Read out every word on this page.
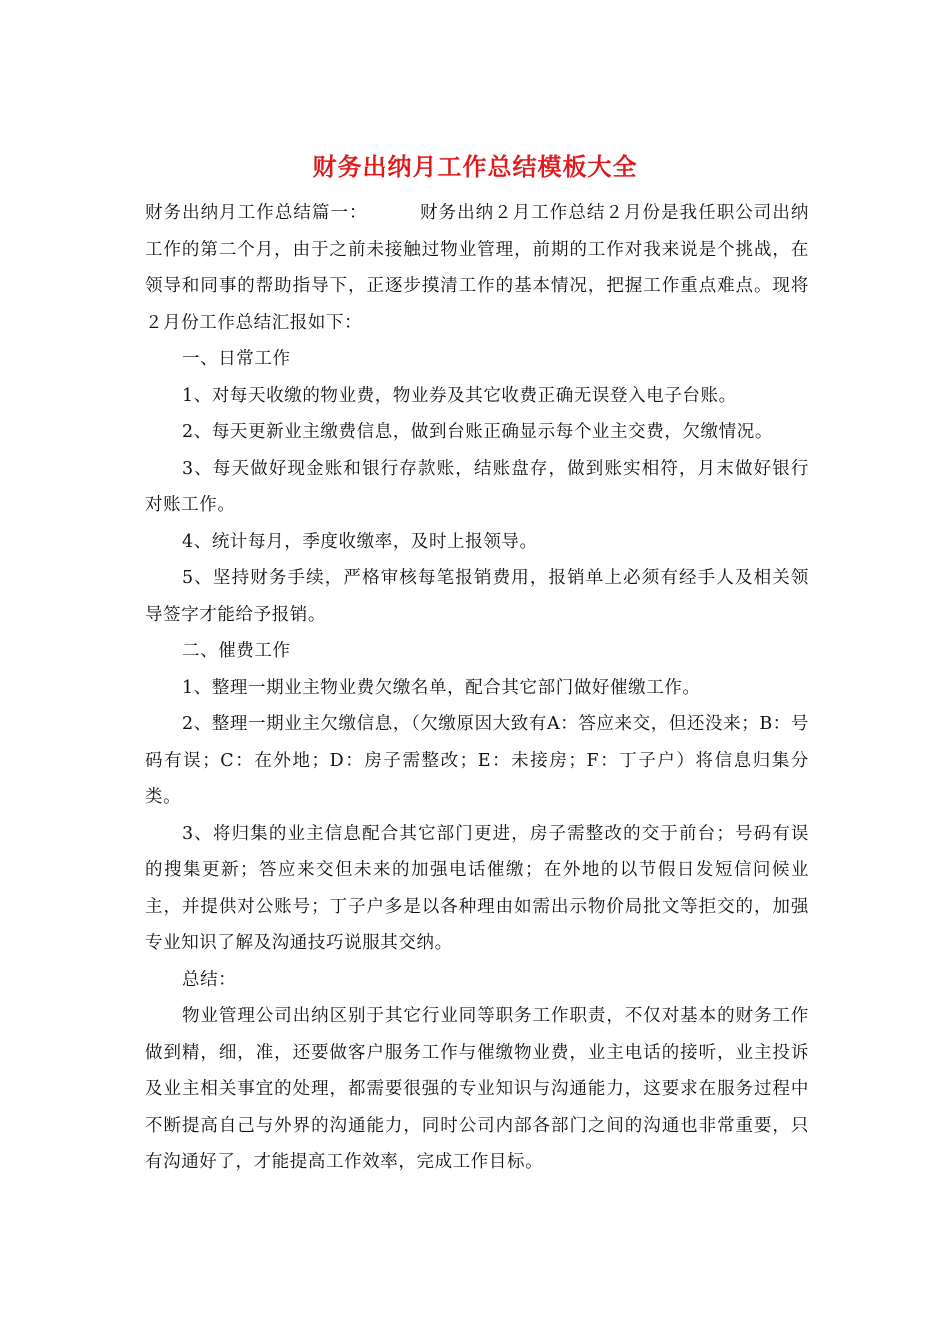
财务出纳月工作总结模板大全

财务出纳月工作总结篇一：	财务出纳２月工作总结２月份是我任职公司出纳工作的第二个月，由于之前未接触过物业管理，前期的工作对我来说是个挑战，在领导和同事的帮助指导下，正逐步摸清工作的基本情况，把握工作重点难点。现将２月份工作总结汇报如下：

一、日常工作

1、对每天收缴的物业费，物业券及其它收费正确无误登入电子台账。

2、每天更新业主缴费信息，做到台账正确显示每个业主交费，欠缴情况。

3、每天做好现金账和银行存款账，结账盘存，做到账实相符，月末做好银行对账工作。

4、统计每月，季度收缴率，及时上报领导。

5、坚持财务手续，严格审核每笔报销费用，报销单上必须有经手人及相关领导签字才能给予报销。

二、催费工作

1、整理一期业主物业费欠缴名单，配合其它部门做好催缴工作。

2、整理一期业主欠缴信息，（欠缴原因大致有A：答应来交，但还没来；B：号码有误；C：在外地；D：房子需整改；E：未接房；F：丁子户）将信息归集分类。

3、将归集的业主信息配合其它部门更进，房子需整改的交于前台；号码有误的搜集更新；答应来交但未来的加强电话催缴；在外地的以节假日发短信问候业主，并提供对公账号；丁子户多是以各种理由如需出示物价局批文等拒交的，加强专业知识了解及沟通技巧说服其交纳。

总结：

物业管理公司出纳区别于其它行业同等职务工作职责，不仅对基本的财务工作做到精，细，准，还要做客户服务工作与催缴物业费，业主电话的接听，业主投诉及业主相关事宜的处理，都需要很强的专业知识与沟通能力，这要求在服务过程中不断提高自己与外界的沟通能力，同时公司内部各部门之间的沟通也非常重要，只有沟通好了，才能提高工作效率，完成工作目标。
